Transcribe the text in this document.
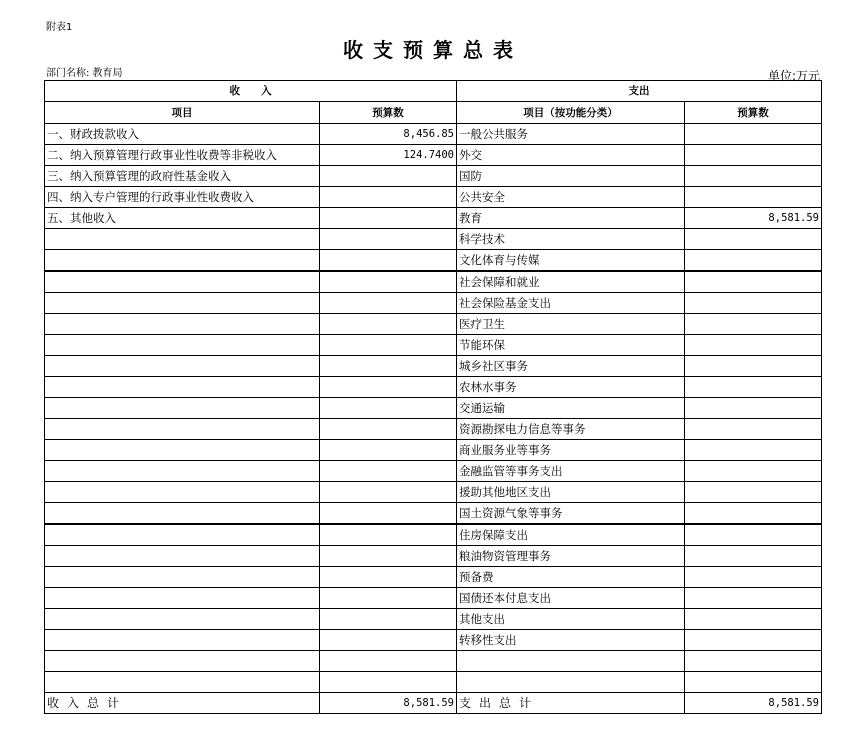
附表1
收支预算总表
部门名称: 教育局	单位:万元
收　　入		支出	
项目	预算数	项目（按功能分类）	预算数
一、财政拨款收入	8,456.85	一般公共服务	
二、纳入预算管理行政事业性收费等非税收入	124.7400	外交	
三、纳入预算管理的政府性基金收入		国防	
四、纳入专户管理的行政事业性收费收入		公共安全	
五、其他收入		教育	8,581.59
		科学技术	
		文化体育与传媒	
		社会保障和就业	
		社会保险基金支出	
		医疗卫生	
		节能环保	
		城乡社区事务	
		农林水事务	
		交通运输	
		资源勘探电力信息等事务	
		商业服务业等事务	
		金融监管等事务支出	
		援助其他地区支出	
		国土资源气象等事务	
		住房保障支出	
		粮油物资管理事务	
		预备费	
		国债还本付息支出	
		其他支出	
		转移性支出	

收入总计	8,581.59	支出总计	8,581.59
